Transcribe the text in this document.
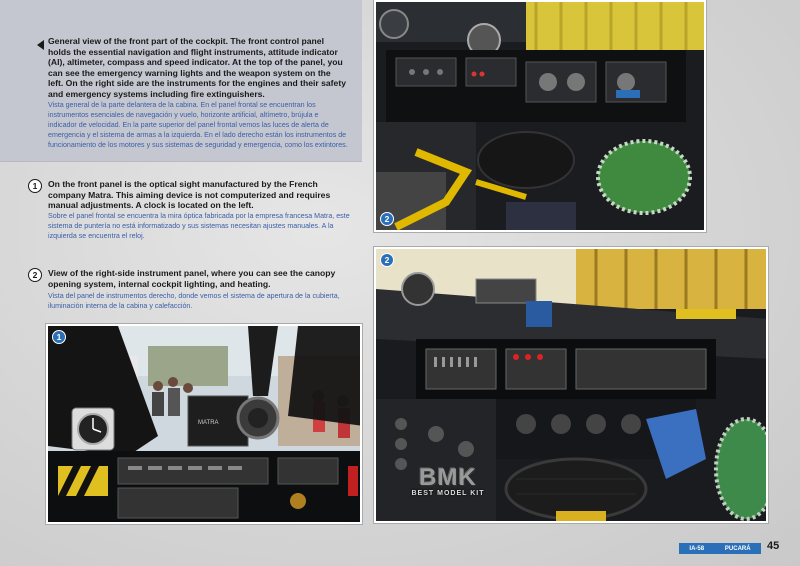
General view of the front part of the cockpit. The front control panel holds the essential navigation and flight instruments, attitude indicator (AI), altimeter, compass and speed indicator. At the top of the panel, you can see the emergency warning lights and the weapon system on the left. On the right side are the instruments for the engines and their safety and emergency systems including fire extinguishers.
Vista general de la parte delantera de la cabina. En el panel frontal se encuentran los instrumentos esenciales de navegación y vuelo, horizonte artificial, altímetro, brújula e indicador de velocidad. En la parte superior del panel frontal vemos las luces de alerta de emergencia y el sistema de armas a la izquierda. En el lado derecho están los instrumentos de funcionamiento de los motores y sus sistemas de seguridad y emergencia, como los extintores.
1	On the front panel is the optical sight manufactured by the French company Matra. This aiming device is not computerized and requires manual adjustments. A clock is located on the left.
Sobre el panel frontal se encuentra la mira óptica fabricada por la empresa francesa Matra, este sistema de puntería no está informatizado y sus sistemas necesitan ajustes manuales. A la izquierda se encuentra el reloj.
2	View of the right-side instrument panel, where you can see the canopy opening system, internal cockpit lighting, and heating.
Vista del panel de instrumentos derecho, donde vemos el sistema de apertura de la cubierta, iluminación interna de la cabina y calefacción.
2
2
MATRA
1
BMK
BEST MODEL KIT
IA-58	PUCARÁ 45
